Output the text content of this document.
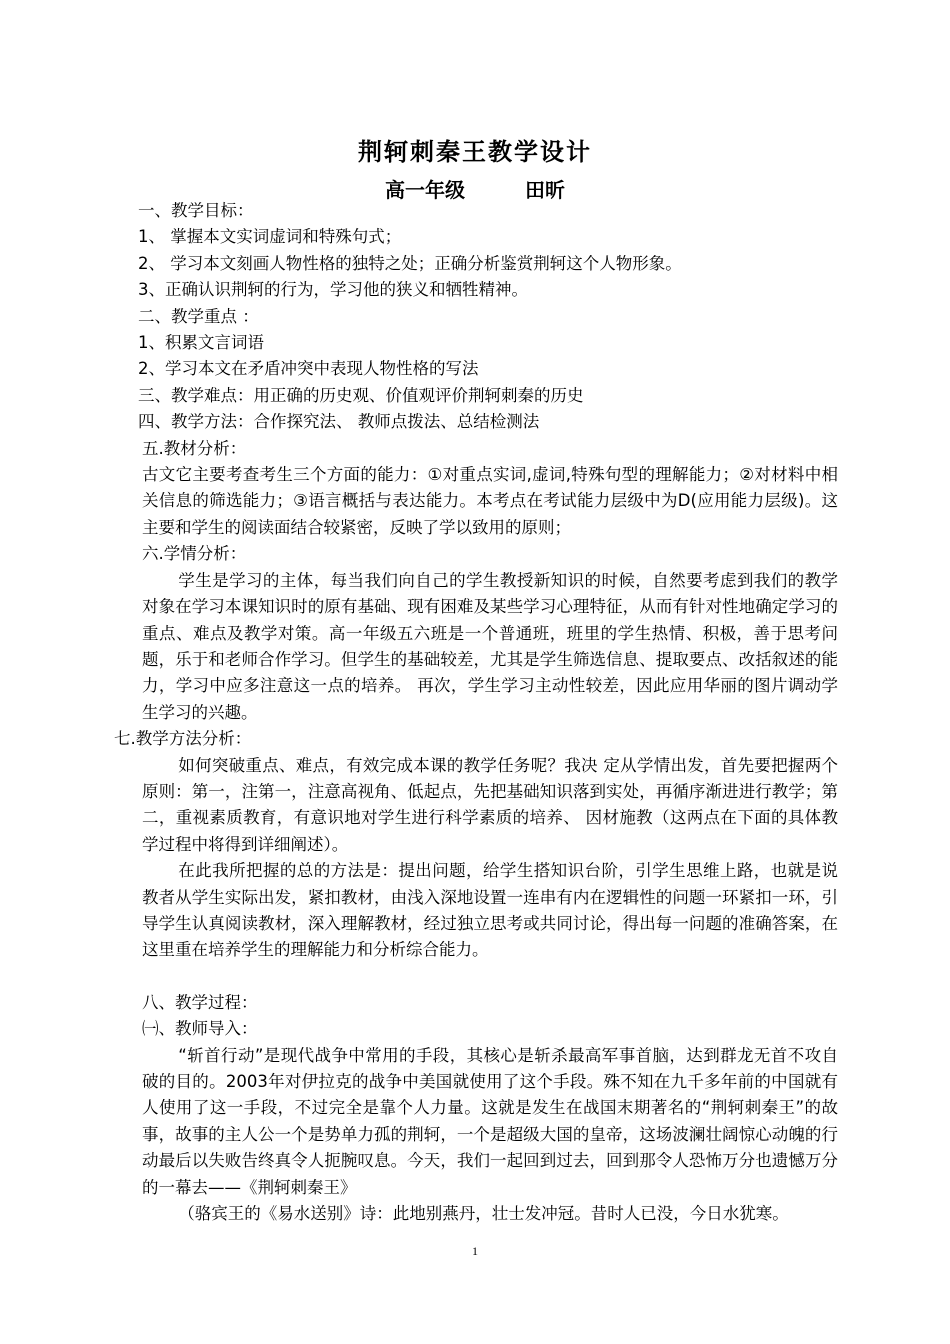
荆轲刺秦王教学设计
高一年级	田昕

一、教学目标：

1、 掌握本文实词虚词和特殊句式；

2、 学习本文刻画人物性格的独特之处；正确分析鉴赏荆轲这个人物形象。

3、正确认识荆轲的行为，学习他的狭义和牺牲精神。

二、教学重点 ：

1、积累文言词语

2、学习本文在矛盾冲突中表现人物性格的写法

三、教学难点：用正确的历史观、价值观评价荆轲刺秦的历史

四、教学方法：合作探究法、 教师点拨法、总结检测法

五.教材分析：

古文它主要考查考生三个方面的能力：①对重点实词,虚词,特殊句型的理解能力；②对材料中相关信息的筛选能力；③语言概括与表达能力。本考点在考试能力层级中为D(应用能力层级)。这主要和学生的阅读面结合较紧密，反映了学以致用的原则；

六.学情分析：

学生是学习的主体，每当我们向自己的学生教授新知识的时候，自然要考虑到我们的教学对象在学习本课知识时的原有基础、现有困难及某些学习心理特征，从而有针对性地确定学习的重点、难点及教学对策。高一年级五六班是一个普通班，班里的学生热情、积极，善于思考问题，乐于和老师合作学习。但学生的基础较差，尤其是学生筛选信息、提取要点、改括叙述的能力，学习中应多注意这一点的培养。 再次，学生学习主动性较差，因此应用华丽的图片调动学生学习的兴趣。

七.教学方法分析：

如何突破重点、难点，有效完成本课的教学任务呢？我决 定从学情出发，首先要把握两个原则：第一，注第一，注意高视角、低起点，先把基础知识落到实处，再循序渐进进行教学；第二，重视素质教育，有意识地对学生进行科学素质的培养、 因材施教（这两点在下面的具体教学过程中将得到详细阐述）。

在此我所把握的总的方法是：提出问题，给学生搭知识台阶，引学生思维上路，也就是说教者从学生实际出发，紧扣教材，由浅入深地设置一连串有内在逻辑性的问题一环紧扣一环，引导学生认真阅读教材，深入理解教材，经过独立思考或共同讨论，得出每一问题的准确答案，在这里重在培养学生的理解能力和分析综合能力。

八、教学过程：

㈠、教师导入：

“斩首行动”是现代战争中常用的手段，其核心是斩杀最高军事首脑，达到群龙无首不攻自破的目的。2003年对伊拉克的战争中美国就使用了这个手段。殊不知在九千多年前的中国就有人使用了这一手段，不过完全是靠个人力量。这就是发生在战国末期著名的“荆轲刺秦王”的故事，故事的主人公一个是势单力孤的荆轲，一个是超级大国的皇帝，这场波澜壮阔惊心动魄的行动最后以失败告终真令人扼腕叹息。今天，我们一起回到过去，回到那令人恐怖万分也遗憾万分的一幕去——《荆轲刺秦王》

（骆宾王的《易水送别》诗：此地别燕丹，壮士发冲冠。昔时人已没，今日水犹寒。

1
